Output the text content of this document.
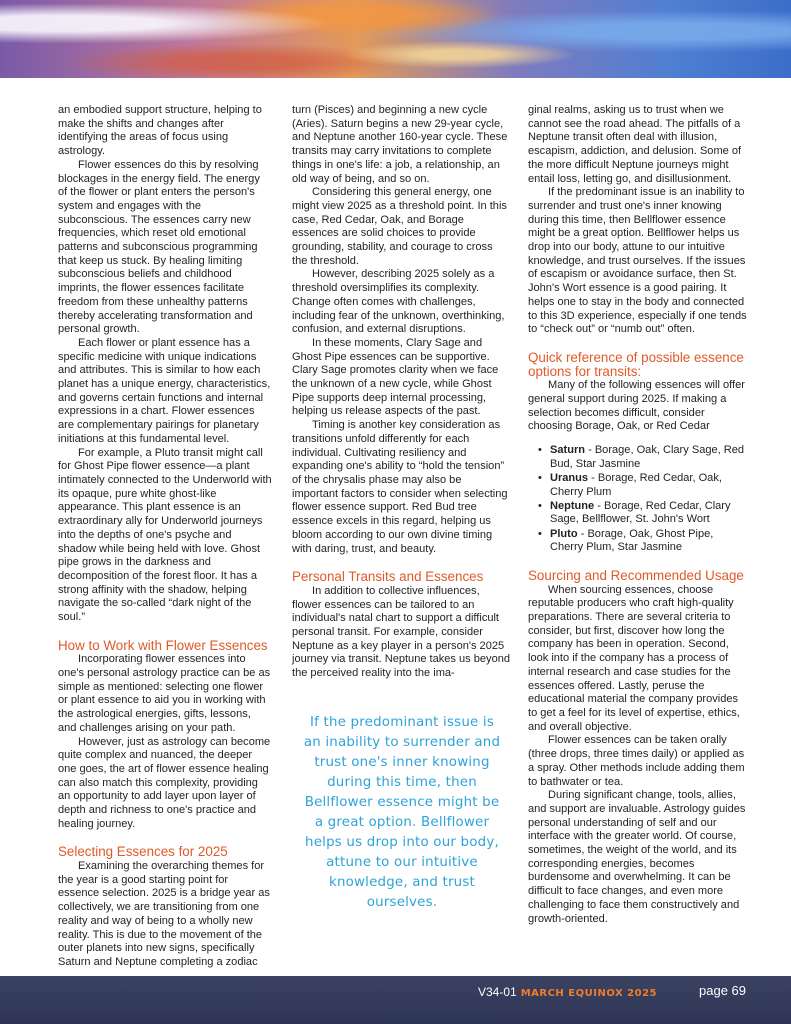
an embodied support structure, helping to make the shifts and changes after identifying the areas of focus using astrology.

Flower essences do this by resolving blockages in the energy field. The energy of the flower or plant enters the person's system and engages with the subconscious. The essences carry new frequencies, which reset old emotional patterns and subconscious programming that keep us stuck. By healing limiting subconscious beliefs and childhood imprints, the flower essences facilitate freedom from these unhealthy patterns thereby accelerating transformation and personal growth.

Each flower or plant essence has a specific medicine with unique indications and attributes. This is similar to how each planet has a unique energy, characteristics, and governs certain functions and internal expressions in a chart. Flower essences are complementary pairings for planetary initiations at this fundamental level.

For example, a Pluto transit might call for Ghost Pipe flower essence—a plant intimately connected to the Underworld with its opaque, pure white ghost-like appearance. This plant essence is an extraordinary ally for Underworld journeys into the depths of one's psyche and shadow while being held with love. Ghost pipe grows in the darkness and decomposition of the forest floor. It has a strong affinity with the shadow, helping navigate the so-called “dark night of the soul.”

How to Work with Flower Essences

Incorporating flower essences into one's personal astrology practice can be as simple as mentioned: selecting one flower or plant essence to aid you in working with the astrological energies, gifts, lessons, and challenges arising on your path.

However, just as astrology can become quite complex and nuanced, the deeper one goes, the art of flower essence healing can also match this complexity, providing an opportunity to add layer upon layer of depth and richness to one's practice and healing journey.

Selecting Essences for 2025

Examining the overarching themes for the year is a good starting point for essence selection. 2025 is a bridge year as collectively, we are transitioning from one reality and way of being to a wholly new reality. This is due to the movement of the outer planets into new signs, specifically Saturn and Neptune completing a zodiac

turn (Pisces) and beginning a new cycle (Aries). Saturn begins a new 29-year cycle, and Neptune another 160-year cycle. These transits may carry invitations to complete things in one's life: a job, a relationship, an old way of being, and so on.

Considering this general energy, one might view 2025 as a threshold point. In this case, Red Cedar, Oak, and Borage essences are solid choices to provide grounding, stability, and courage to cross the threshold.

However, describing 2025 solely as a threshold oversimplifies its complexity. Change often comes with challenges, including fear of the unknown, overthinking, confusion, and external disruptions.

In these moments, Clary Sage and Ghost Pipe essences can be supportive. Clary Sage promotes clarity when we face the unknown of a new cycle, while Ghost Pipe supports deep internal processing, helping us release aspects of the past.

Timing is another key consideration as transitions unfold differently for each individual. Cultivating resiliency and expanding one's ability to “hold the tension” of the chrysalis phase may also be important factors to consider when selecting flower essence support. Red Bud tree essence excels in this regard, helping us bloom according to our own divine timing with daring, trust, and beauty.

Personal Transits and Essences

In addition to collective influences, flower essences can be tailored to an individual's natal chart to support a difficult personal transit. For example, consider Neptune as a key player in a person's 2025 journey via transit. Neptune takes us beyond the perceived reality into the ima-

If the predominant issue is an inability to surrender and trust one's inner knowing during this time, then Bellflower essence might be a great option. Bellflower helps us drop into our body, attune to our intuitive knowledge, and trust ourselves.

ginal realms, asking us to trust when we cannot see the road ahead. The pitfalls of a Neptune transit often deal with illusion, escapism, addiction, and delusion. Some of the more difficult Neptune journeys might entail loss, letting go, and disillusionment.

If the predominant issue is an inability to surrender and trust one's inner knowing during this time, then Bellflower essence might be a great option. Bellflower helps us drop into our body, attune to our intuitive knowledge, and trust ourselves. If the issues of escapism or avoidance surface, then St. John's Wort essence is a good pairing. It helps one to stay in the body and connected to this 3D experience, especially if one tends to “check out” or “numb out” often.

Quick reference of possible essence options for transits:

Many of the following essences will offer general support during 2025. If making a selection becomes difficult, consider choosing Borage, Oak, or Red Cedar

• Saturn - Borage, Oak, Clary Sage, Red Bud, Star Jasmine
• Uranus - Borage, Red Cedar, Oak, Cherry Plum
• Neptune - Borage, Red Cedar, Clary Sage, Bellflower, St. John's Wort
• Pluto - Borage, Oak, Ghost Pipe, Cherry Plum, Star Jasmine
Sourcing and Recommended Usage

When sourcing essences, choose reputable producers who craft high-quality preparations. There are several criteria to consider, but first, discover how long the company has been in operation. Second, look into if the company has a process of internal research and case studies for the essences offered. Lastly, peruse the educational material the company provides to get a feel for its level of expertise, ethics, and overall objective.

Flower essences can be taken orally (three drops, three times daily) or applied as a spray. Other methods include adding them to bathwater or tea.

During significant change, tools, allies, and support are invaluable. Astrology guides personal understanding of self and our interface with the greater world. Of course, sometimes, the weight of the world, and its corresponding energies, becomes burdensome and overwhelming. It can be difficult to face changes, and even more challenging to face them constructively and growth-oriented.

V34-01 MARCH EQUINOX 2025	page 69
